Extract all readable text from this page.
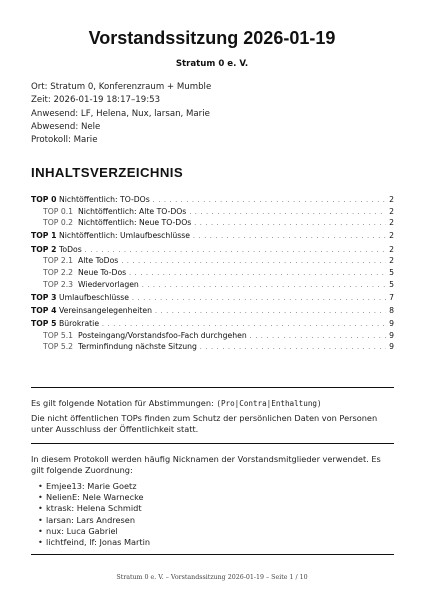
Vorstandssitzung 2026-01-19
Stratum 0 e. V.
Ort: Stratum 0, Konferenzraum + Mumble
Zeit: 2026-01-19 18:17–19:53
Anwesend: LF, Helena, Nux, larsan, Marie
Abwesend: Nele
Protokoll: Marie
INHALTSVERZEICHNIS
TOP 0 Nichtöffentlich: TO-DOs . . .	2
TOP 0.1 Nichtöffentlich: Alte TO-DOs . . .	2
TOP 0.2 Nichtöffentlich: Neue TO-DOs . . .	2
TOP 1 Nichtöffentlich: Umlaufbeschlüsse . . .	2
TOP 2 ToDos . . .	2
TOP 2.1 Alte ToDos . . .	2
TOP 2.2 Neue To-Dos . . .	5
TOP 2.3 Wiedervorlagen . . .	5
TOP 3 Umlaufbeschlüsse . . .	7
TOP 4 Vereinsangelegenheiten . . .	8
TOP 5 Bürokratie . . .	9
TOP 5.1 Posteingang/Vorstandsfoo-Fach durchgehen . . .	9
TOP 5.2 Terminfindung nächste Sitzung . . .	9

Es gilt folgende Notation für Abstimmungen: (Pro|Contra|Enthaltung)

Die nicht öffentlichen TOPs finden zum Schutz der persönlichen Daten von Personen unter Ausschluss der Öffentlichkeit statt.

In diesem Protokoll werden häufig Nicknamen der Vorstandsmitglieder verwendet. Es gilt folgende Zuordnung:

• Emjee13: Marie Goetz
• NelienE: Nele Warnecke
• ktrask: Helena Schmidt
• larsan: Lars Andresen
• nux: Luca Gabriel
• lichtfeind, lf: Jonas Martin
Stratum 0 e. V. – Vorstandssitzung 2026-01-19 – Seite 1 / 10
